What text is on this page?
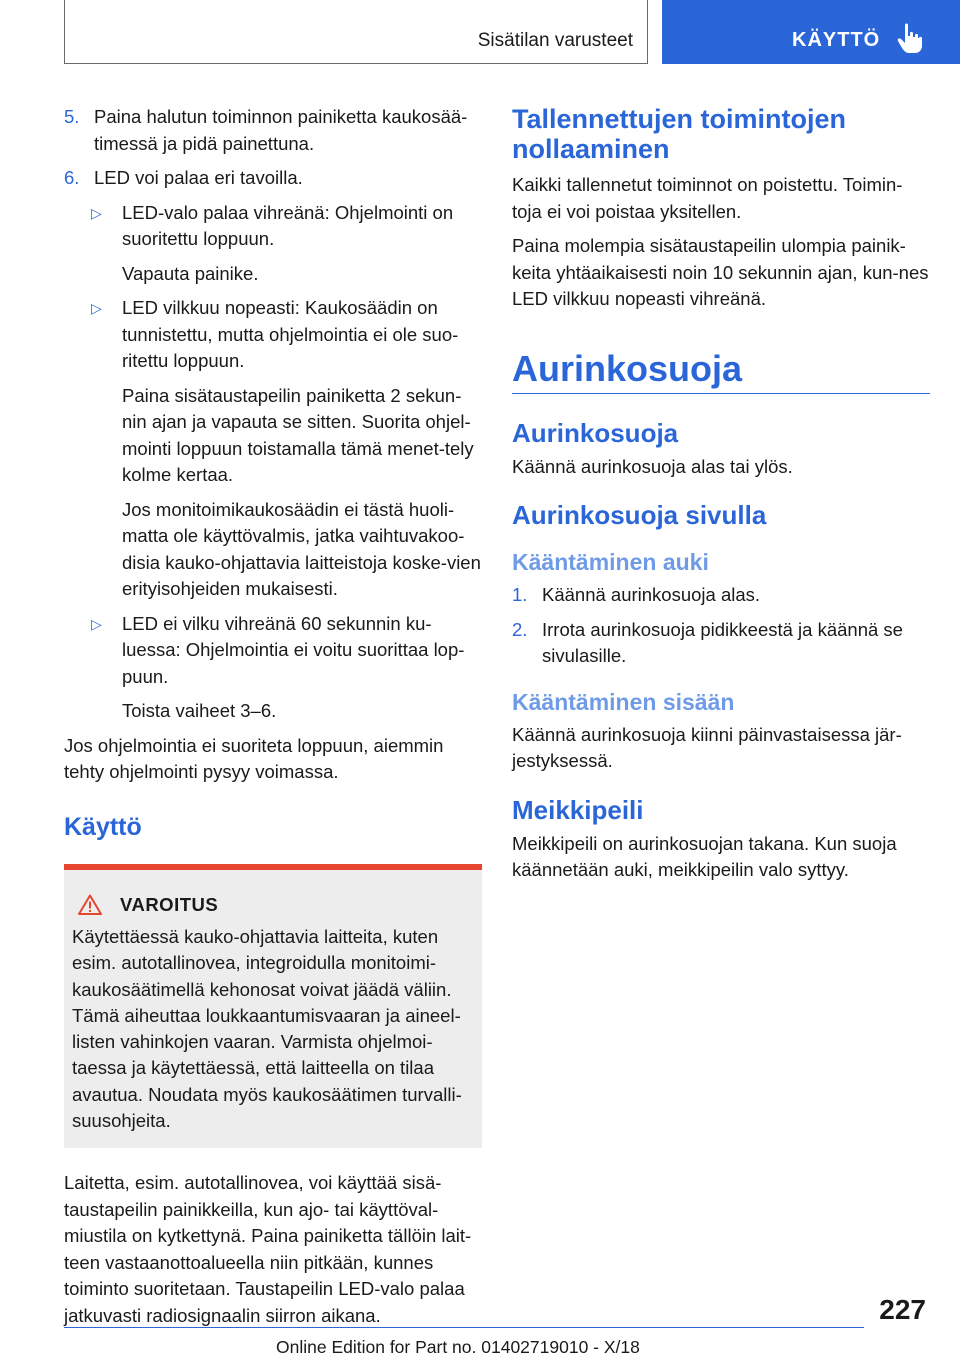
Sisätilan varusteet	KÄYTTÖ
5. Paina halutun toiminnon painiketta kaukosää-timessä ja pidä painettuna.
6. LED voi palaa eri tavoilla.
▷ LED-valo palaa vihreänä: Ohjelmointi on suoritettu loppuun.
Vapauta painike.
▷ LED vilkkuu nopeasti: Kaukosäädin on tunnistettu, mutta ohjelmointia ei ole suo-ritettu loppuun.
Paina sisätaustapeilin painiketta 2 sekun-nin ajan ja vapauta se sitten. Suorita ohjel-mointi loppuun toistamalla tämä menet-tely kolme kertaa.
Jos monitoimikaukosäädin ei tästä huoli-matta ole käyttövalmis, jatka vaihtuvakoo-disia kauko-ohjattavia laitteistoja koske-vien erityisohjeiden mukaisesti.
▷ LED ei vilku vihreänä 60 sekunnin ku-luessa: Ohjelmointia ei voitu suorittaa lop-puun.
Toista vaiheet 3–6.

Jos ohjelmointia ei suoriteta loppuun, aiemmin tehty ohjelmointi pysyy voimassa.

Käyttö
VAROITUS
Käytettäessä kauko-ohjattavia laitteita, kuten esim. autotallinovea, integroidulla monitoimi-kaukosäätimellä kehonosat voivat jäädä väliin. Tämä aiheuttaa loukkaantumisvaaran ja aineel-listen vahinkojen vaaran. Varmista ohjelmoi-taessa ja käytettäessä, että laitteella on tilaa avautua. Noudata myös kaukosäätimen turvalli-suusohjeita.

Laitetta, esim. autotallinovea, voi käyttää sisä-taustapeilin painikkeilla, kun ajo- tai käyttöval-miustila on kytkettynä. Paina painiketta tällöin lait-teen vastaanottoalueella niin pitkään, kunnes toiminto suoritetaan. Taustapeilin LED-valo palaa jatkuvasti radiosignaalin siirron aikana.

Tallennettujen toimintojen nollaaminen

Kaikki tallennetut toiminnot on poistettu. Toimin-toja ei voi poistaa yksitellen.

Paina molempia sisätaustapeilin ulompia painik-keita yhtäaikaisesti noin 10 sekunnin ajan, kun-nes LED vilkkuu nopeasti vihreänä.

Aurinkosuoja
Aurinkosuoja

Käännä aurinkosuoja alas tai ylös.

Aurinkosuoja sivulla
Kääntäminen auki
1. Käännä aurinkosuoja alas.
2. Irrota aurinkosuoja pidikkeestä ja käännä se sivulasille.
Kääntäminen sisään

Käännä aurinkosuoja kiinni päinvastaisessa jär-jestyksessä.

Meikkipeili

Meikkipeili on aurinkosuojan takana. Kun suoja käännetään auki, meikkipeilin valo syttyy.

227
Online Edition for Part no. 01402719010 - X/18
